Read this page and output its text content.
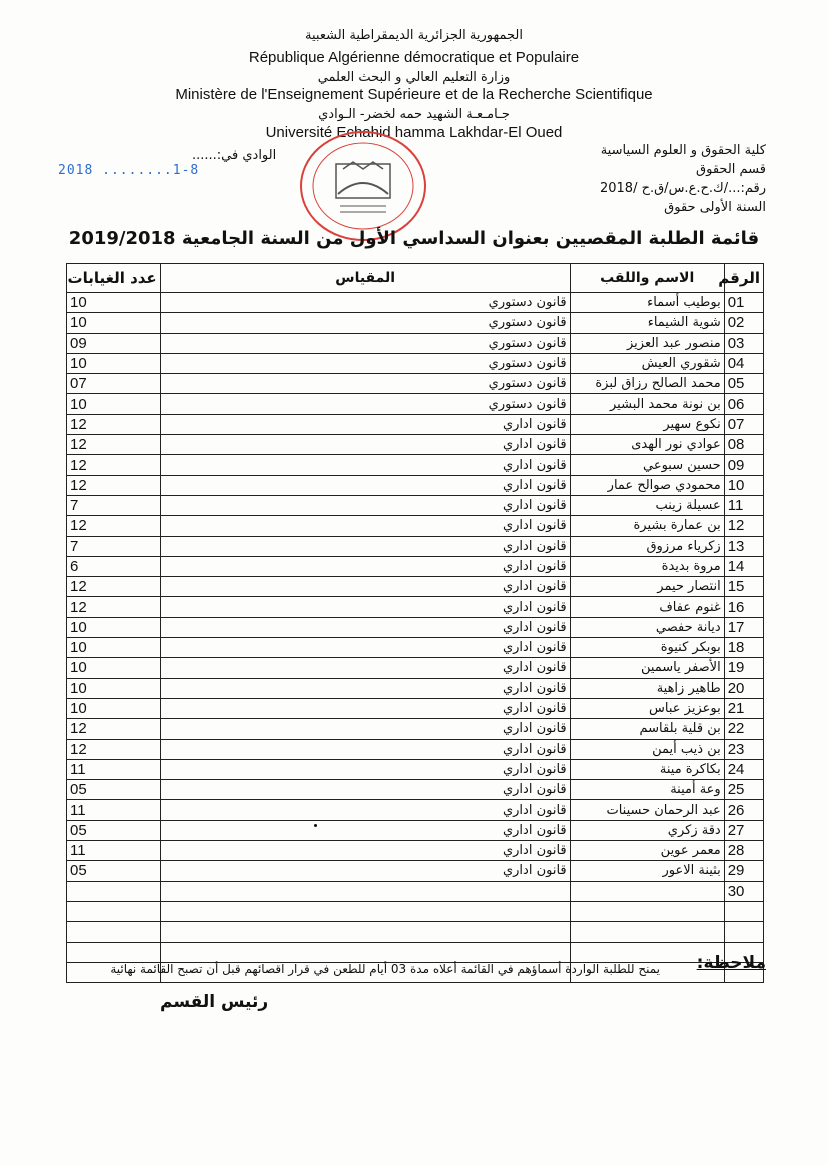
الجمهورية الجزائرية الديمقراطية الشعبية
République Algérienne démocratique et Populaire
وزارة التعليم العالي و البحث العلمي
Ministère de l'Enseignement Supérieure et de la Recherche Scientifique
جـامـعـة الشهيد حمه لخضر- الـوادي
Université Echahid hamma Lakhdar-El Oued
كلية الحقوق و العلوم السياسية
قسم الحقوق
رقم:.../ك.ح.ع.س/ق.ح /2018
السنة الأولى حقوق
الوادي في:......
2018 ........1-8
قائمة الطلبة المقصيين بعنوان السداسي الأول من السنة الجامعية 2019/2018
الرقم	الاسم واللقب	المقياس	عدد الغيابات
01	بوطيب أسماء	قانون دستوري	10
02	شوية الشيماء	قانون دستوري	10
03	منصور عبد العزيز	قانون دستوري	09
04	شقوري العيش	قانون دستوري	10
05	محمد الصالح رزاق لبزة	قانون دستوري	07
06	بن نونة محمد البشير	قانون دستوري	10
07	نكوع سهير	قانون اداري	12
08	عوادي نور الهدى	قانون اداري	12
09	حسين سبوعي	قانون اداري	12
10	محمودي صوالح عمار	قانون اداري	12
11	عسيلة زينب	قانون اداري	7
12	بن عمارة بشيرة	قانون اداري	12
13	زكرياء مرزوق	قانون اداري	7
14	مروة بديدة	قانون اداري	6
15	انتصار حيمر	قانون اداري	12
16	غنوم عفاف	قانون اداري	12
17	ديانة حفصي	قانون اداري	10
18	بوبكر كنيوة	قانون اداري	10
19	الأصفر ياسمين	قانون اداري	10
20	طاهير زاهية	قانون اداري	10
21	بوعزيز عباس	قانون اداري	10
22	بن قلية بلقاسم	قانون اداري	12
23	بن ذيب أيمن	قانون اداري	12
24	بكاكرة مينة	قانون اداري	11
25	وعة أمينة	قانون اداري	05
26	عبد الرحمان حسينات	قانون اداري	11
27	دقة زكري	قانون اداري	05
28	معمر عوين	قانون اداري	11
29	بثينة الاعور	قانون اداري	05
30			

ملاحظة:
يمنح للطلبة الواردة أسماؤهم في القائمة أعلاه مدة 03 أيام للطعن في قرار اقصائهم قبل أن تصبح القائمة نهائية
رئيس القسم
